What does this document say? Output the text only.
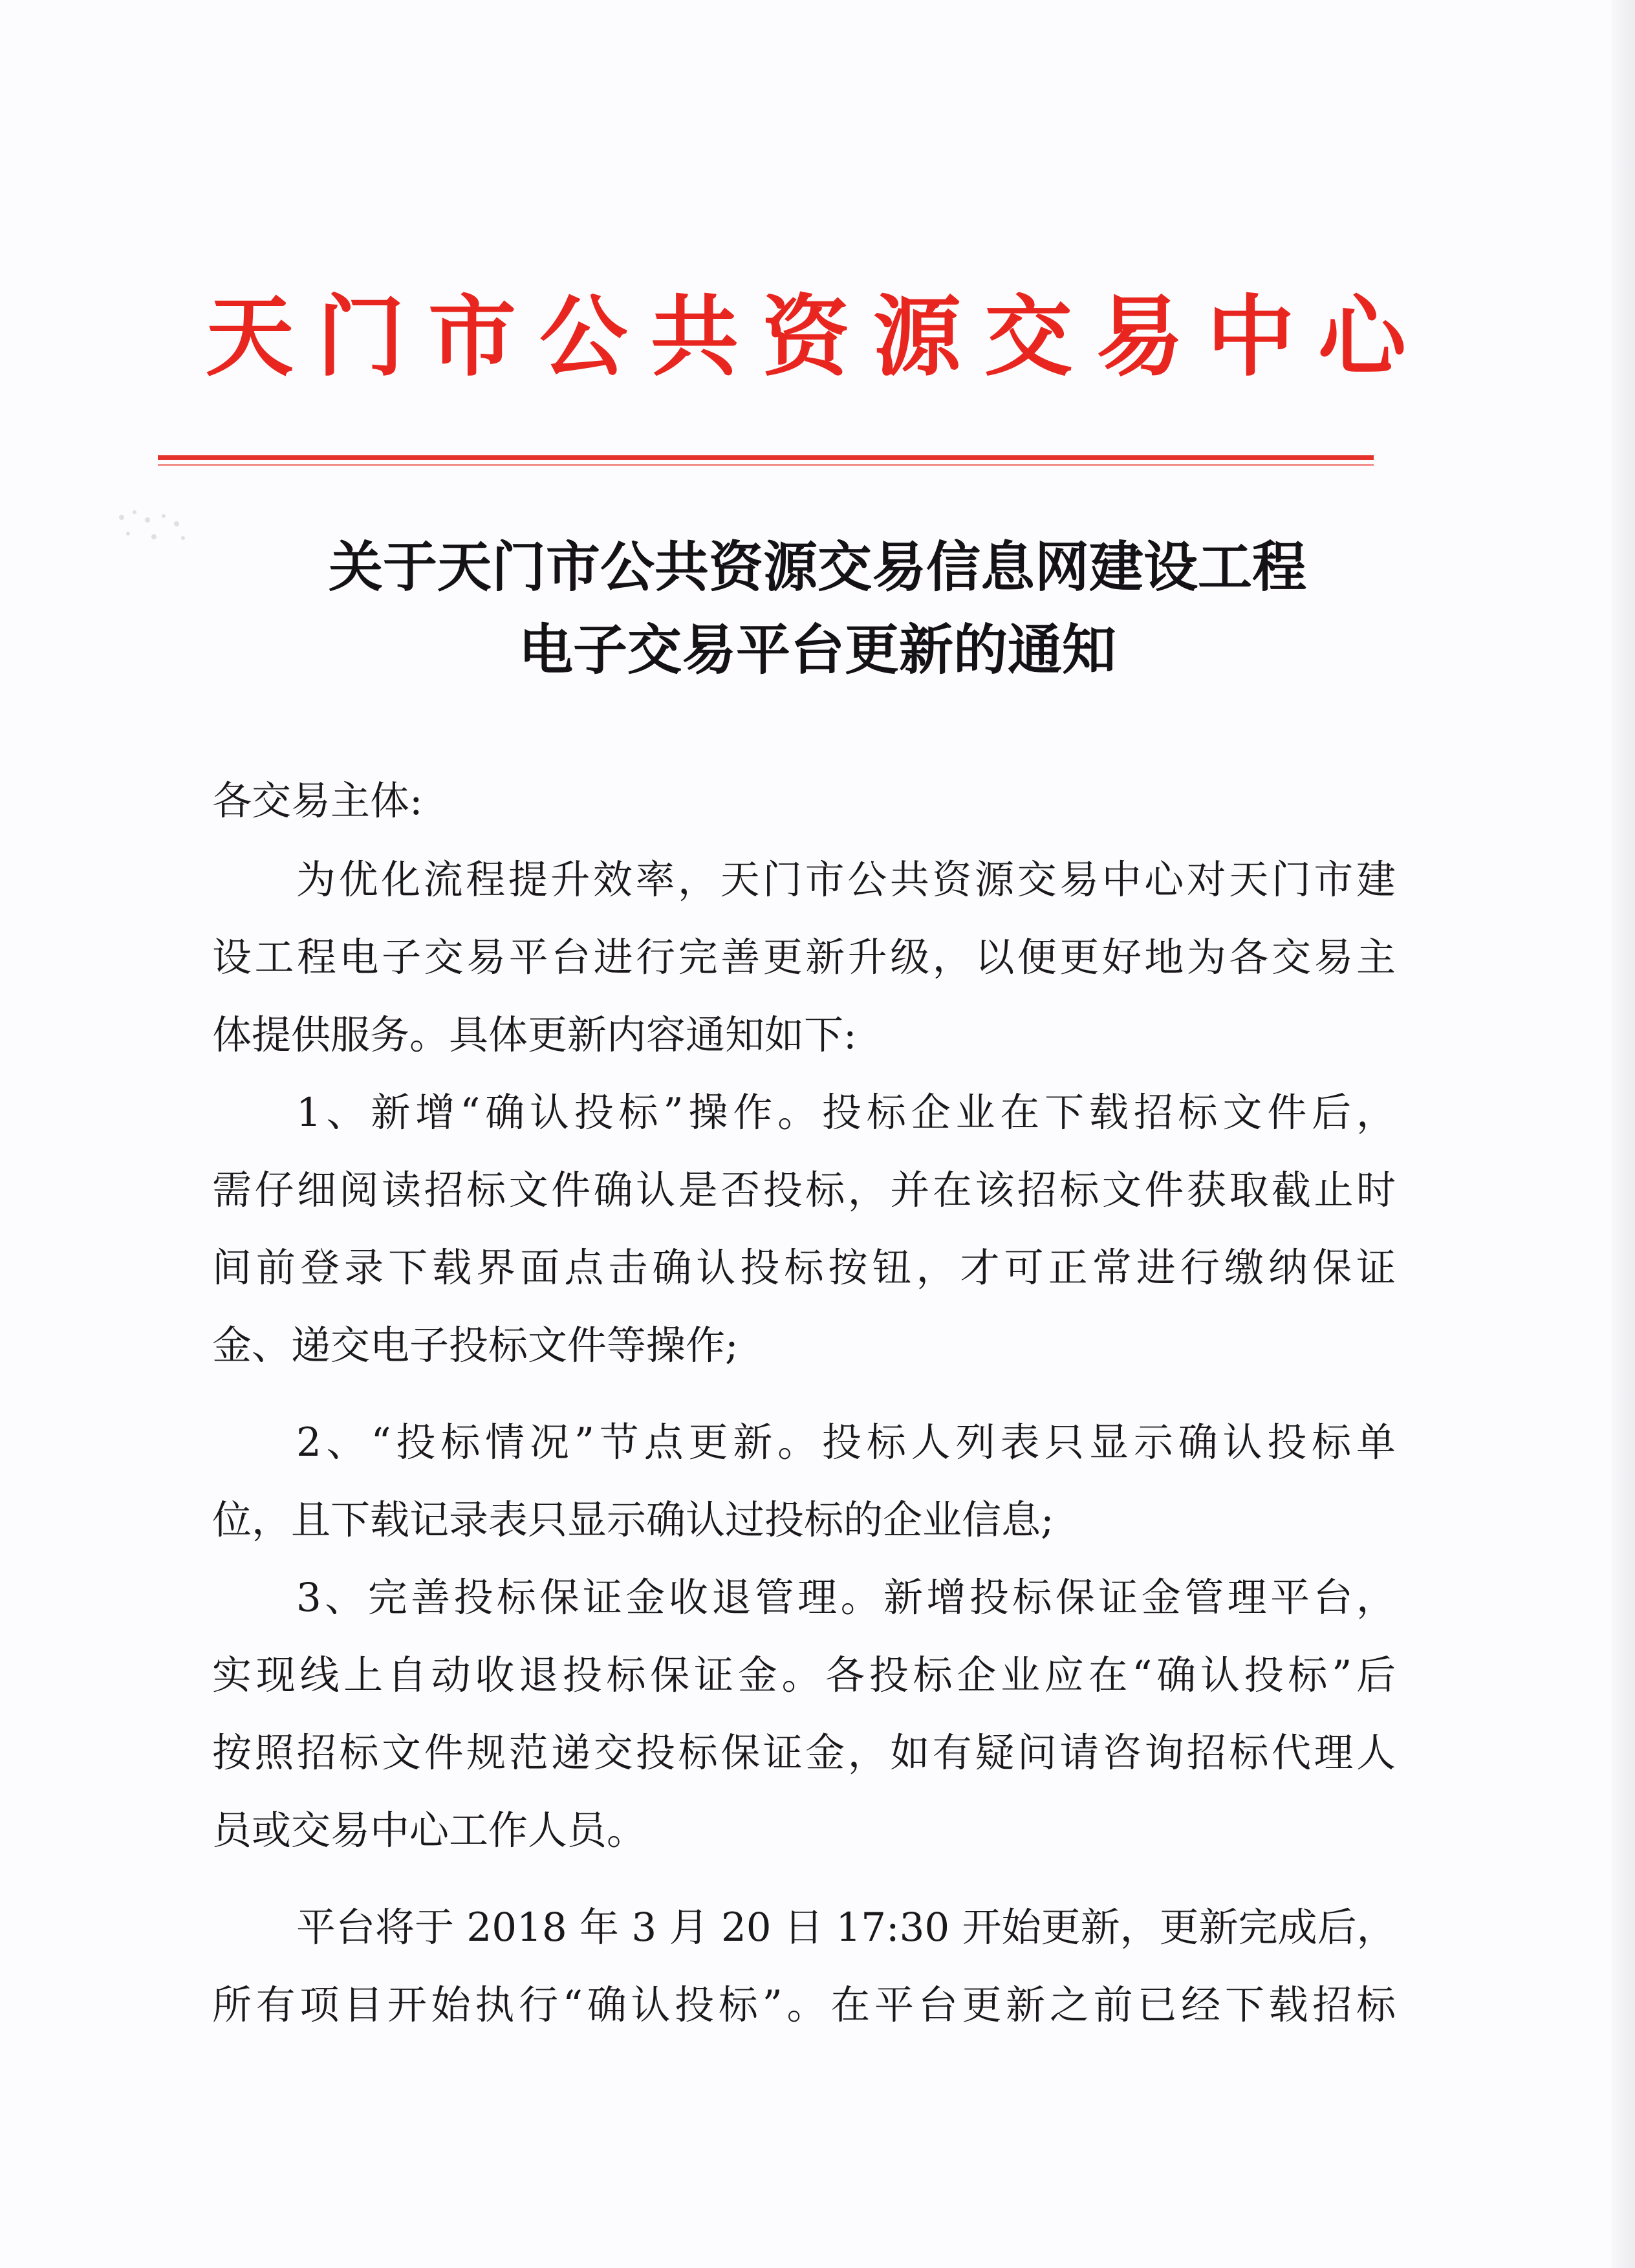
天门市公共资源交易中心
关于天门市公共资源交易信息网建设工程
电子交易平台更新的通知
各交易主体:
为优化流程提升效率，天门市公共资源交易中心对天门市建
设工程电子交易平台进行完善更新升级，以便更好地为各交易主
体提供服务。具体更新内容通知如下:
1、新增“确认投标”操作。投标企业在下载招标文件后，
需仔细阅读招标文件确认是否投标，并在该招标文件获取截止时
间前登录下载界面点击确认投标按钮，才可正常进行缴纳保证
金、递交电子投标文件等操作;
2、“投标情况”节点更新。投标人列表只显示确认投标单
位，且下载记录表只显示确认过投标的企业信息;
3、完善投标保证金收退管理。新增投标保证金管理平台，
实现线上自动收退投标保证金。各投标企业应在“确认投标”后
按照招标文件规范递交投标保证金，如有疑问请咨询招标代理人
员或交易中心工作人员。
平台将于 2018 年 3 月 20 日 17:30 开始更新，更新完成后，
所有项目开始执行“确认投标”。在平台更新之前已经下载招标
